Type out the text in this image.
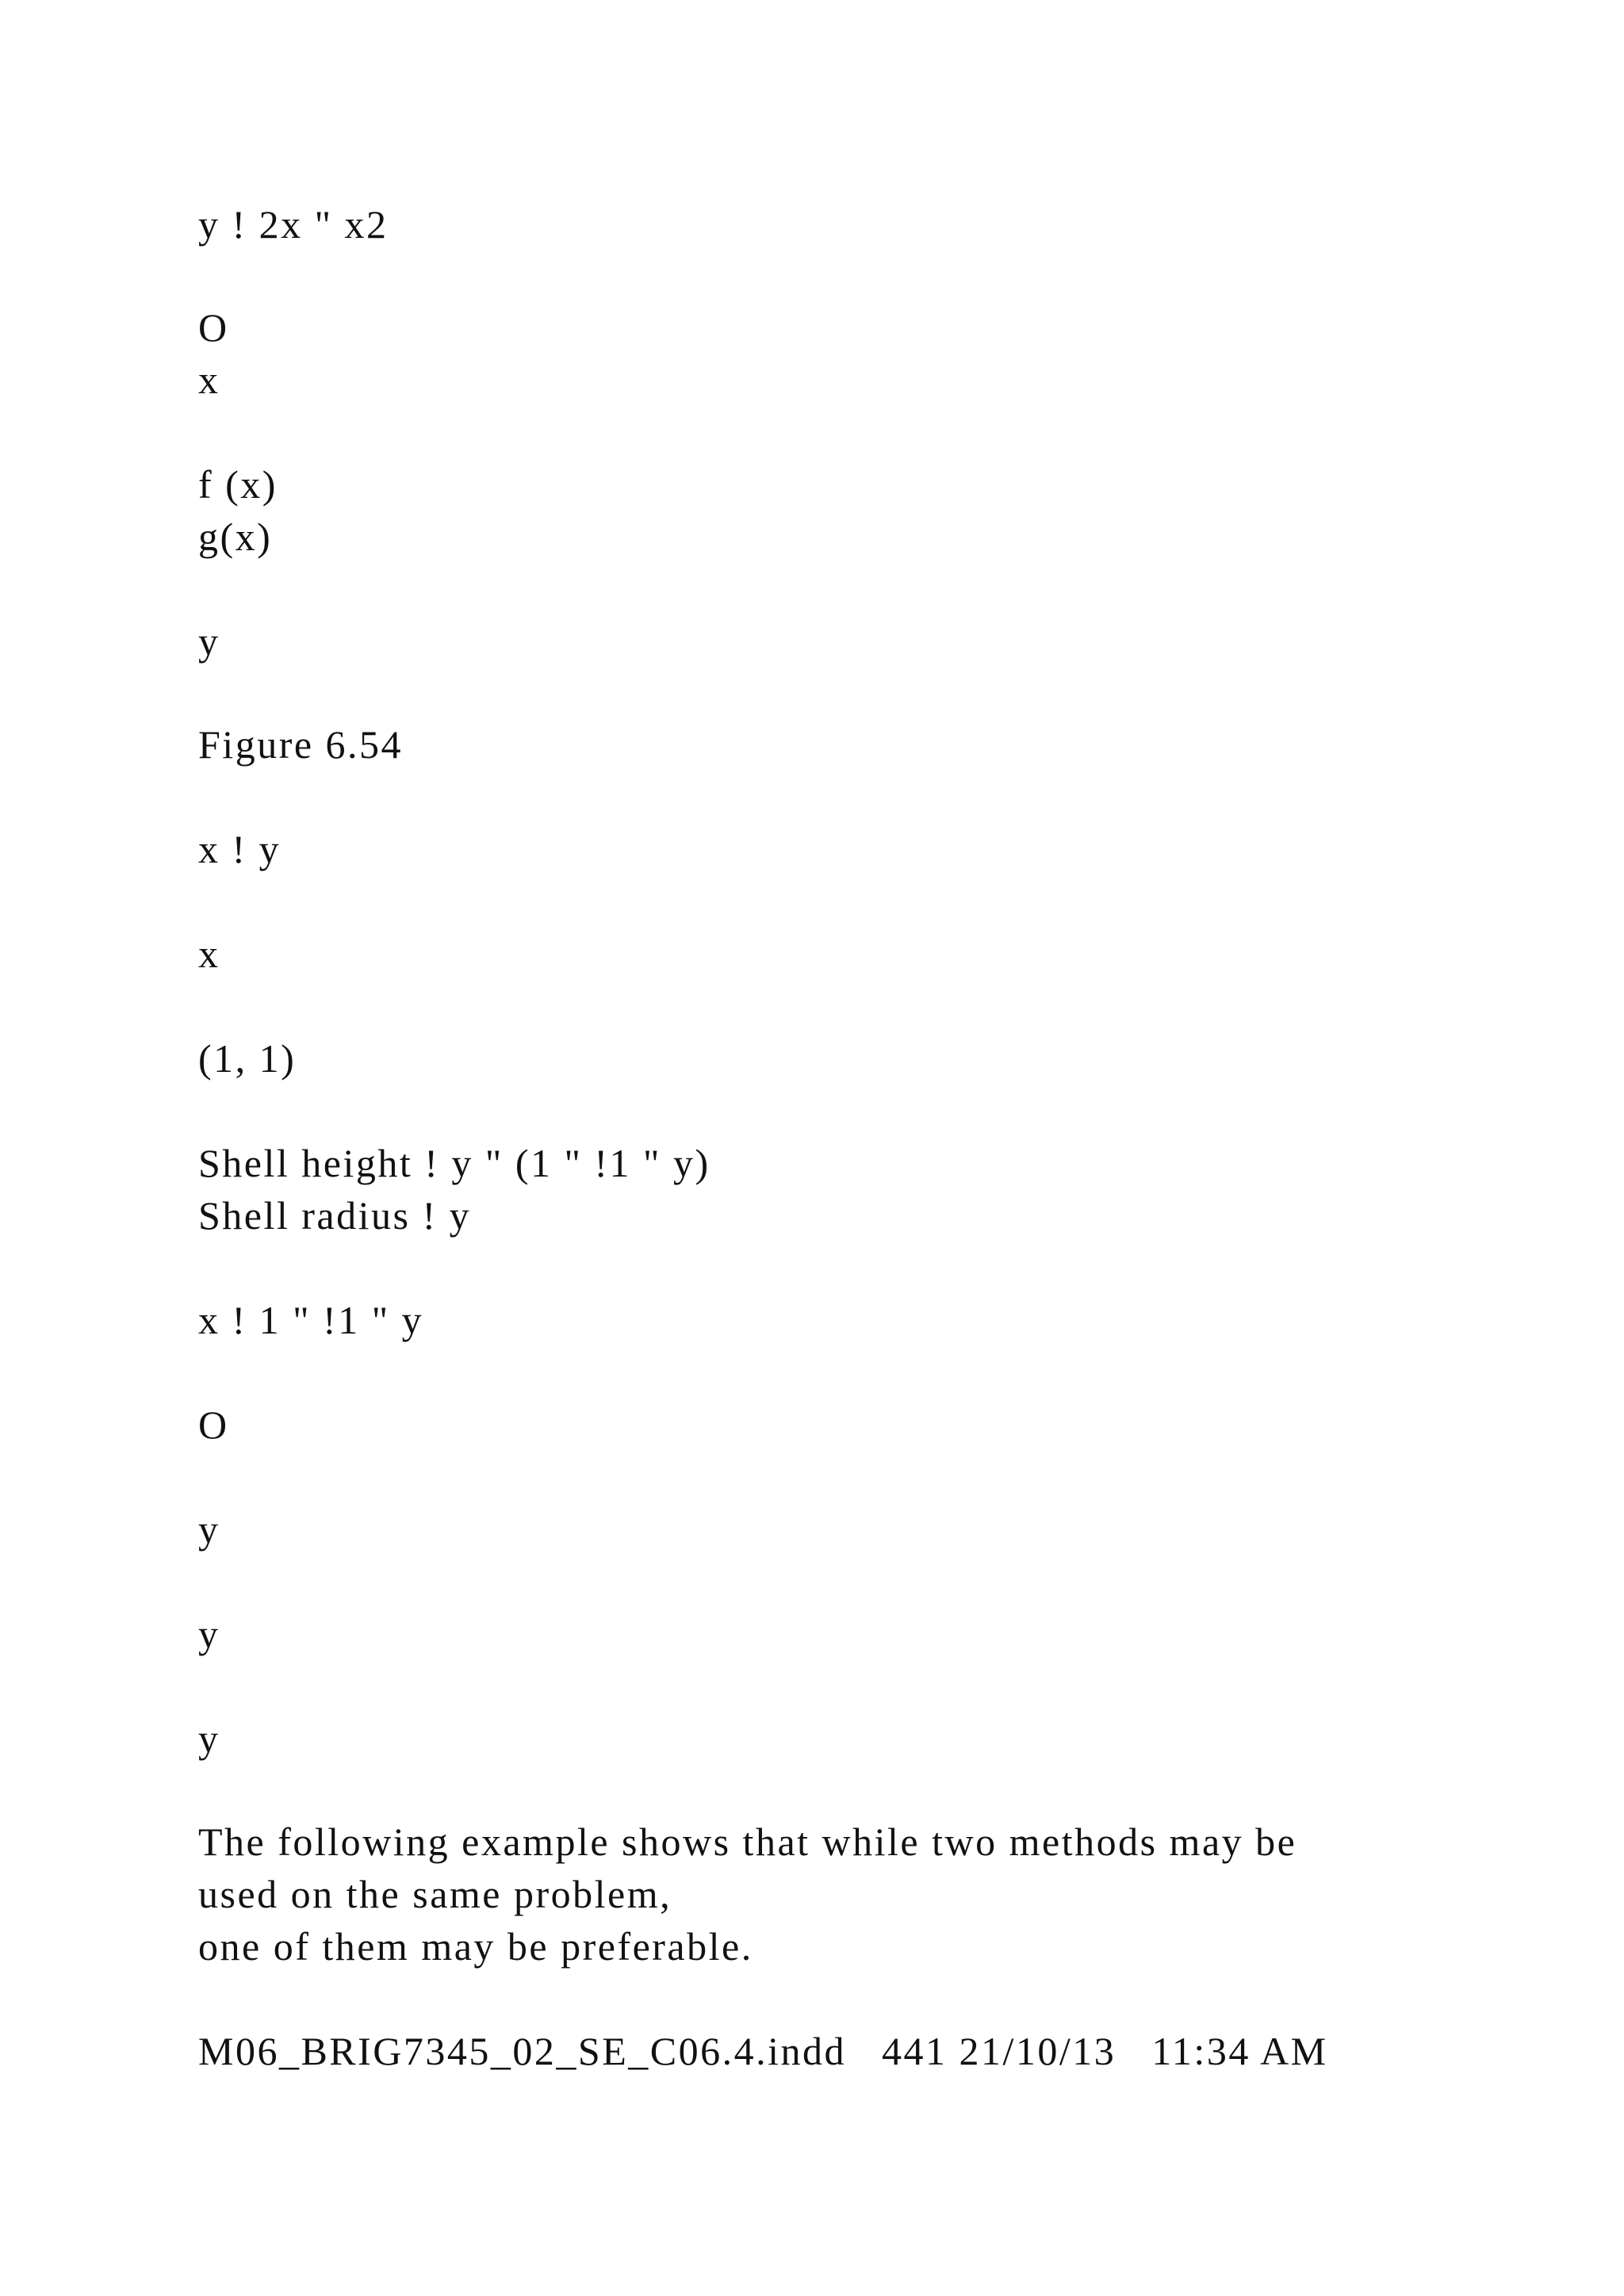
y ! 2x " x2
O
x
f (x)
g(x)
y
Figure 6.54
x ! y
x
(1, 1)
Shell height ! y " (1 " !1 " y)
Shell radius ! y
x ! 1 " !1 " y
O
y
y
y
The following example shows that while two methods may be
used on the same problem,
one of them may be preferable.
M06_BRIG7345_02_SE_C06.4.indd   441 21/10/13   11:34 AM
